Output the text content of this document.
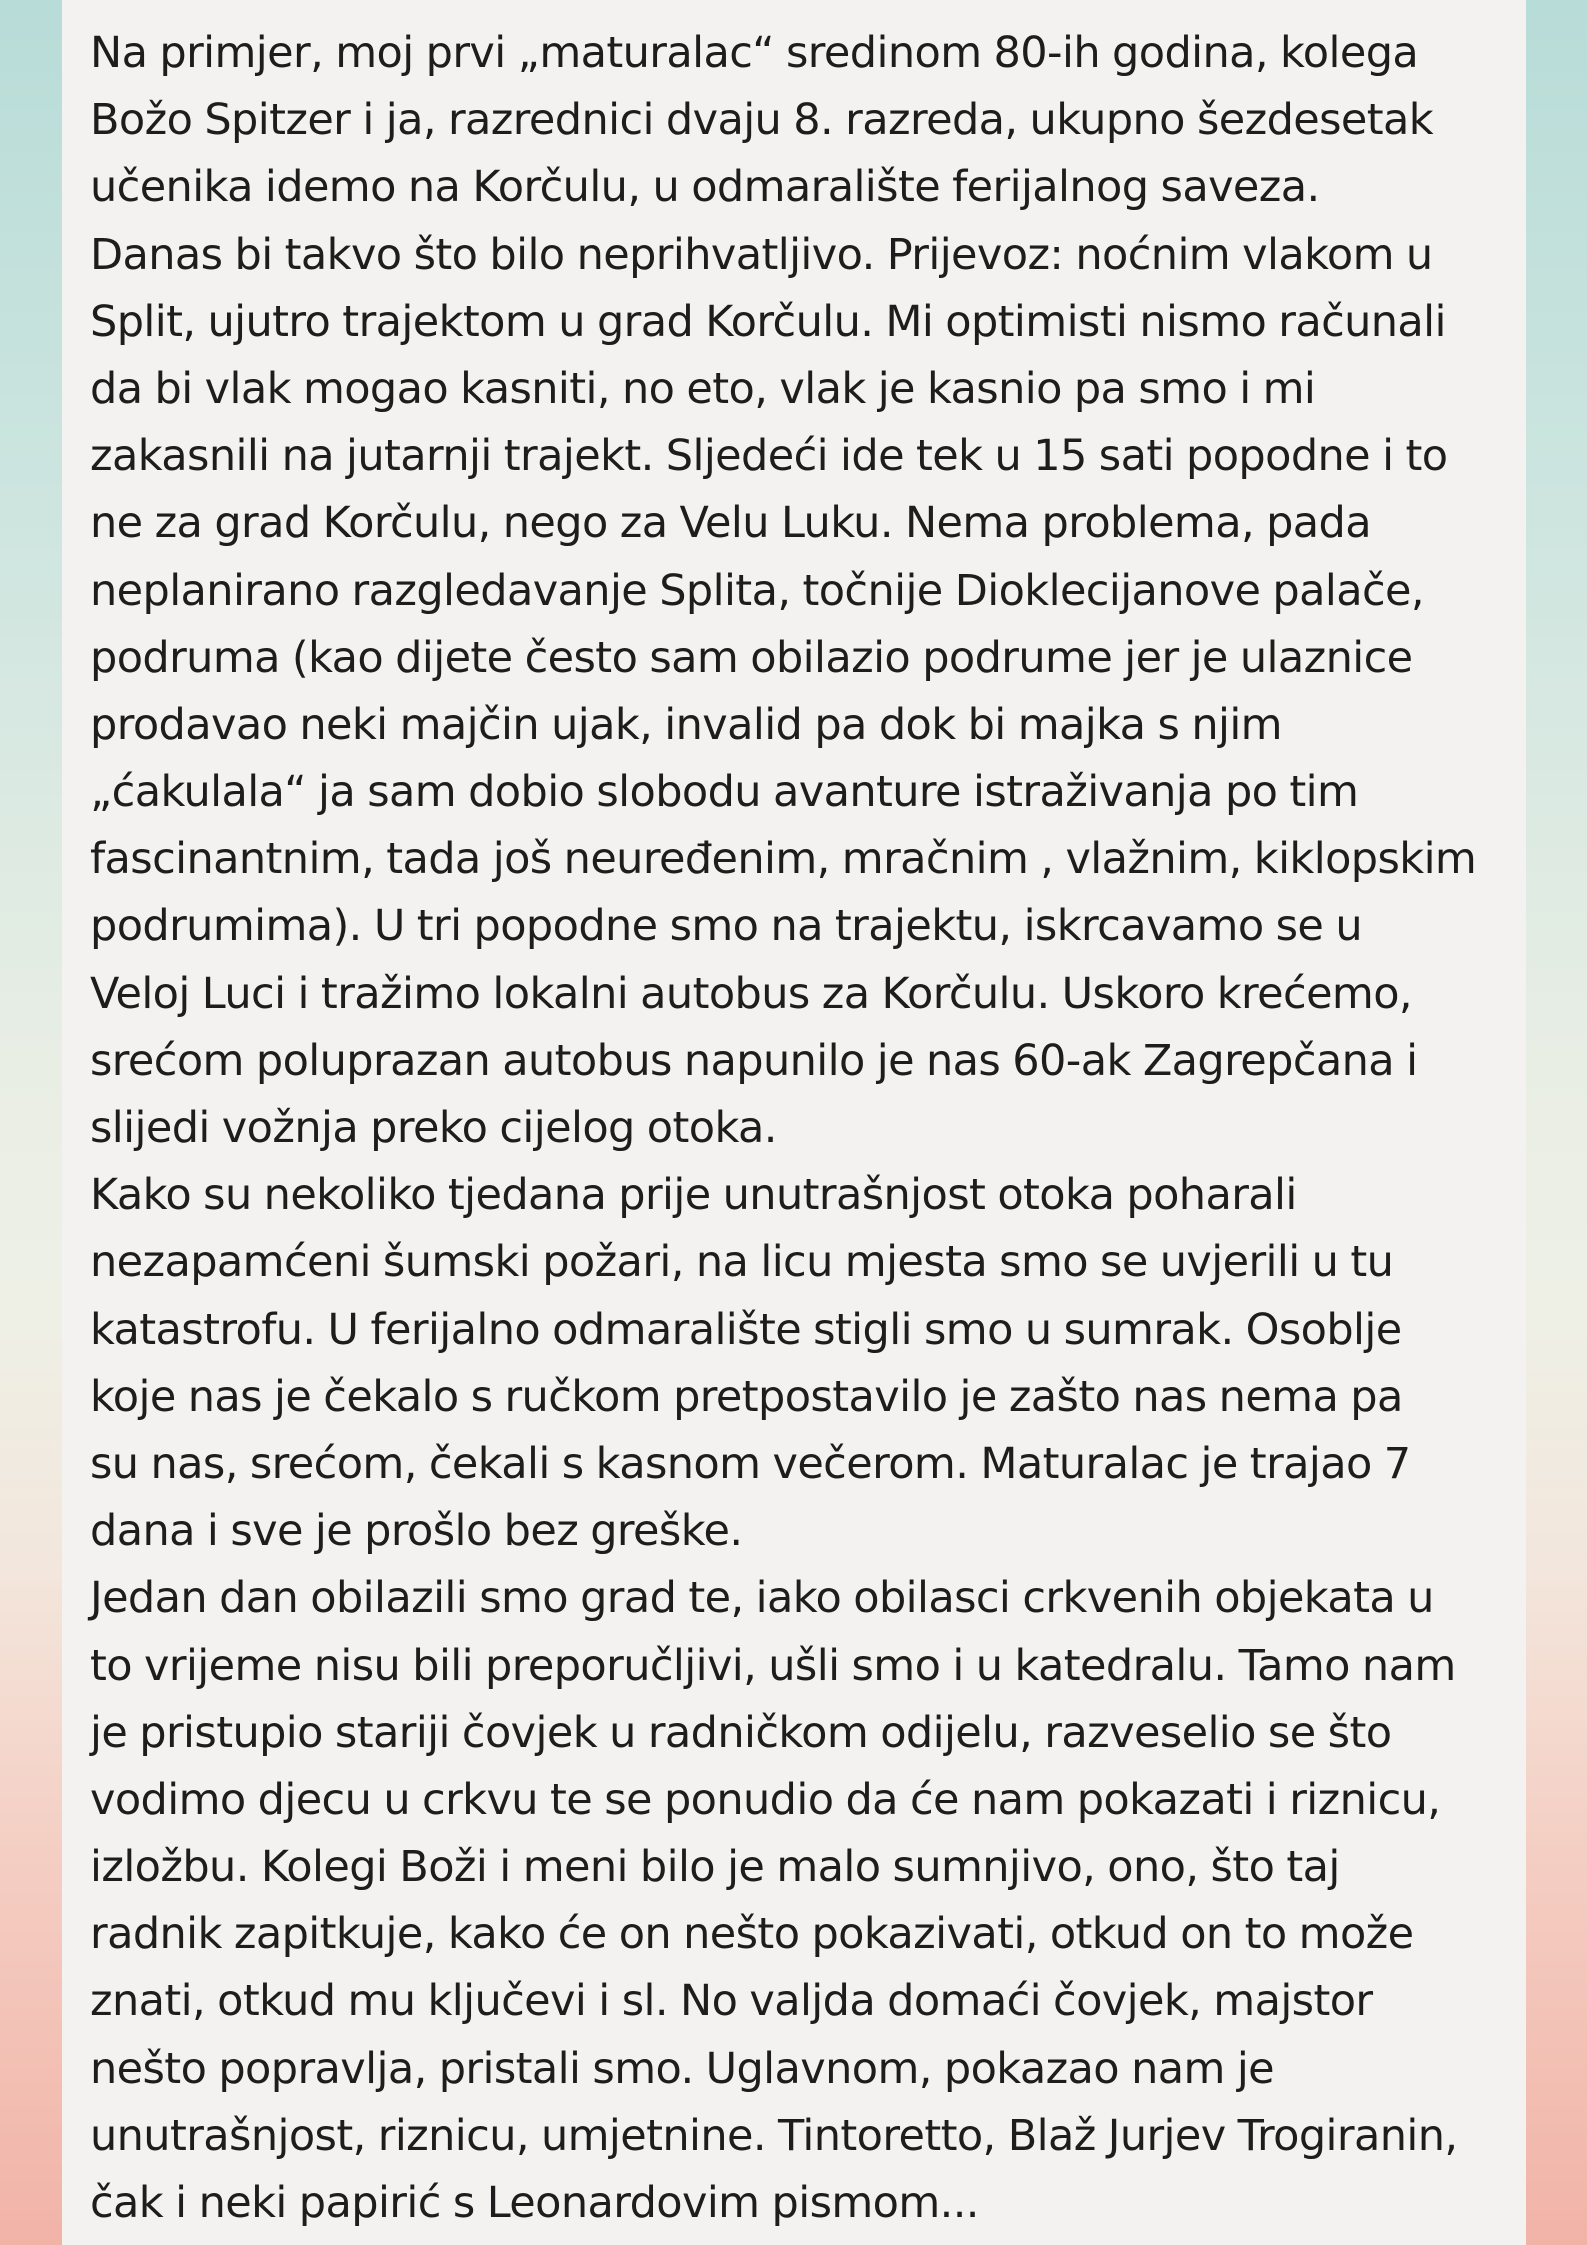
Na primjer, moj prvi „maturalac“ sredinom 80-ih godina, kolega
Božo Spitzer i ja, razrednici dvaju 8. razreda, ukupno šezdesetak
učenika idemo na Korčulu, u odmaralište ferijalnog saveza.
Danas bi takvo što bilo neprihvatljivo. Prijevoz: noćnim vlakom u
Split, ujutro trajektom u grad Korčulu. Mi optimisti nismo računali
da bi vlak mogao kasniti, no eto, vlak je kasnio pa smo i mi
zakasnili na jutarnji trajekt. Sljedeći ide tek u 15 sati popodne i to
ne za grad Korčulu, nego za Velu Luku. Nema problema, pada
neplanirano razgledavanje Splita, točnije Dioklecijanove palače,
podruma (kao dijete često sam obilazio podrume jer je ulaznice
prodavao neki majčin ujak, invalid pa dok bi majka s njim
„ćakulala“ ja sam dobio slobodu avanture istraživanja po tim
fascinantnim, tada još neuređenim, mračnim , vlažnim, kiklopskim
podrumima). U tri popodne smo na trajektu, iskrcavamo se u
Veloj Luci i tražimo lokalni autobus za Korčulu. Uskoro krećemo,
srećom poluprazan autobus napunilo je nas 60-ak Zagrepčana i
slijedi vožnja preko cijelog otoka.
Kako su nekoliko tjedana prije unutrašnjost otoka poharali
nezapamćeni šumski požari, na licu mjesta smo se uvjerili u tu
katastrofu. U ferijalno odmaralište stigli smo u sumrak. Osoblje
koje nas je čekalo s ručkom pretpostavilo je zašto nas nema pa
su nas, srećom, čekali s kasnom večerom. Maturalac je trajao 7
dana i sve je prošlo bez greške.
Jedan dan obilazili smo grad te, iako obilasci crkvenih objekata u
to vrijeme nisu bili preporučljivi, ušli smo i u katedralu. Tamo nam
je pristupio stariji čovjek u radničkom odijelu, razveselio se što
vodimo djecu u crkvu te se ponudio da će nam pokazati i riznicu,
izložbu. Kolegi Boži i meni bilo je malo sumnjivo, ono, što taj
radnik zapitkuje, kako će on nešto pokazivati, otkud on to može
znati, otkud mu ključevi i sl. No valjda domaći čovjek, majstor
nešto popravlja, pristali smo. Uglavnom, pokazao nam je
unutrašnjost, riznicu, umjetnine. Tintoretto, Blaž Jurjev Trogiranin,
čak i neki papirić s Leonardovim pismom...
